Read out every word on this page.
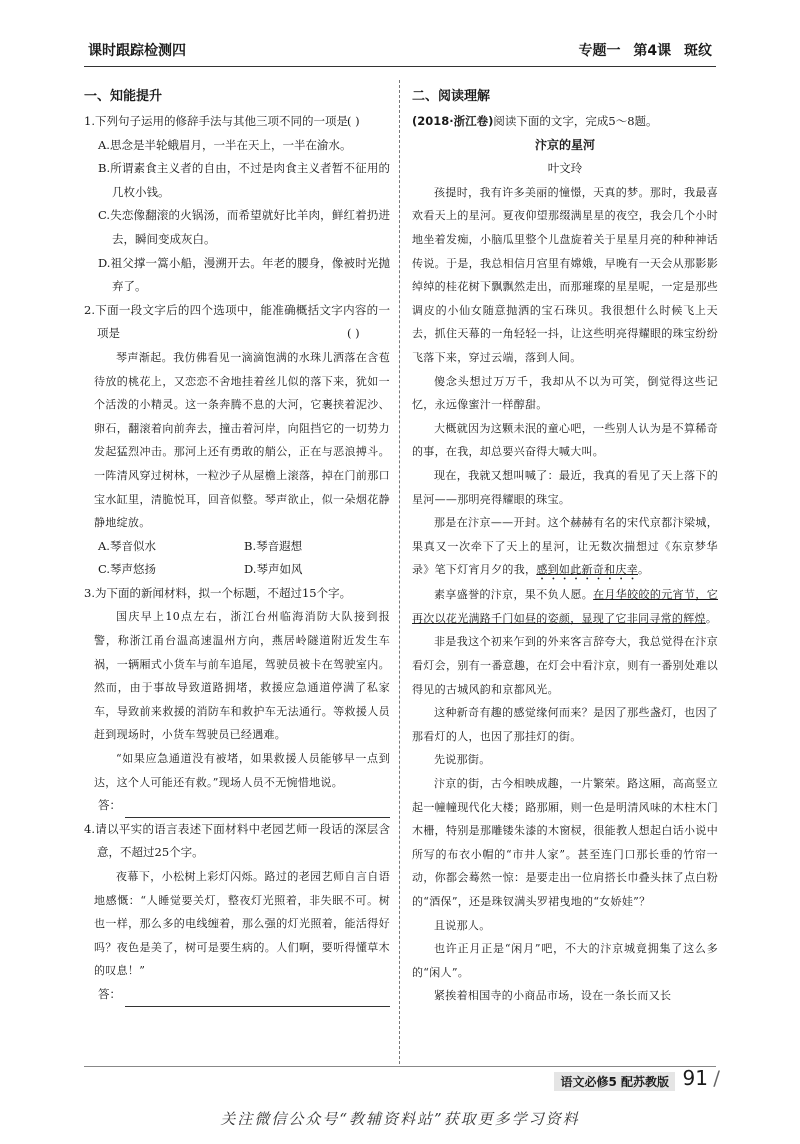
课时跟踪检测四	专题一 第4课 斑纹
一、知能提升
1.下列句子运用的修辞手法与其他三项不同的一项是 ( )
A.思念是半轮蛾眉月，一半在天上，一半在渝水。
B.所谓素食主义者的自由，不过是肉食主义者暂不征用的几枚小钱。
C.失恋像翻滚的火锅汤，而希望就好比羊肉，鲜红着扔进去，瞬间变成灰白。
D.祖父撑一篙小船，漫溯开去。年老的腰身，像被时光抛弃了。
2.下面一段文字后的四个选项中，能准确概括文字内容的一项是	( )
琴声渐起。我仿佛看见一滴滴饱满的水珠儿洒落在含苞待放的桃花上，又恋恋不舍地挂着丝儿似的落下来，犹如一个活泼的小精灵。这一条奔腾不息的大河，它裹挟着泥沙、卵石，翻滚着向前奔去，撞击着河岸，向阻挡它的一切势力发起猛烈冲击。那河上还有勇敢的艄公，正在与恶浪搏斗。一阵清风穿过树林，一粒沙子从屋檐上滚落，掉在门前那口宝水缸里，清脆悦耳，回音似整。琴声欲止，似一朵烟花静静地绽放。
A.琴音似水	B.琴音遐想
C.琴声悠扬	D.琴声如风
3.为下面的新闻材料，拟一个标题，不超过15个字。
国庆早上10点左右，浙江台州临海消防大队接到报警，称浙江甬台温高速温州方向，燕居岭隧道附近发生车祸，一辆厢式小货车与前车追尾，驾驶员被卡在驾驶室内。然而，由于事故导致道路拥堵，救援应急通道停满了私家车，导致前来救援的消防车和救护车无法通行。等救援人员赶到现场时，小货车驾驶员已经遇难。
“如果应急通道没有被堵，如果救援人员能够早一点到达，这个人可能还有救。”现场人员不无惋惜地说。
答：
4.请以平实的语言表述下面材料中老园艺师一段话的深层含意，不超过25个字。
夜幕下，小松树上彩灯闪烁。路过的老园艺师自言自语地感慨：“人睡觉要关灯，整夜灯光照着，非失眠不可。树也一样，那么多的电线缠着，那么强的灯光照着，能活得好吗？夜色是美了，树可是要生病的。人们啊，要听得懂草木的叹息！”
答：
二、阅读理解
(2018·浙江卷)阅读下面的文字，完成5～8题。
汴京的星河
叶文玲
孩提时，我有许多美丽的憧憬，天真的梦。那时，我最喜欢看天上的星河。夏夜仰望那缀满星星的夜空，我会几个小时地坐着发痴，小脑瓜里整个儿盘旋着关于星星月亮的种种神话传说。于是，我总相信月宫里有嫦娥，早晚有一天会从那影影绰绰的桂花树下飘飘然走出，而那璀璨的星星呢，一定是那些调皮的小仙女随意抛洒的宝石珠贝。我很想什么时候飞上天去，抓住天幕的一角轻轻一抖，让这些明亮得耀眼的珠宝纷纷飞落下来，穿过云端，落到人间。
傻念头想过万万千，我却从不以为可笑，倒觉得这些记忆，永远像蜜汁一样醇甜。
大概就因为这颗未泯的童心吧，一些别人认为是不算稀奇的事，在我，却总要兴奋得大喊大叫。
现在，我就又想叫喊了：最近，我真的看见了天上落下的星河——那明亮得耀眼的珠宝。
那是在汴京——开封。这个赫赫有名的宋代京都汴梁城，果真又一次牵下了天上的星河，让无数次揣想过《东京梦华录》笔下灯宵月夕的我，感到如此新奇和庆幸。
素享盛誉的汴京，果不负人愿。在月华皎皎的元宵节，它再次以花光满路千门如昼的姿颜，显现了它非同寻常的辉煌。
非是我这个初来乍到的外来客言辞夸大，我总觉得在汴京看灯会，别有一番意趣，在灯会中看汴京，则有一番别处难以得见的古城风韵和京都风光。
这种新奇有趣的感觉缘何而来？是因了那些盏灯，也因了那看灯的人，也因了那挂灯的街。
先说那街。
汴京的街，古今相映成趣，一片繁荣。路这厢，高高竖立起一幢幢现代化大楼；路那厢，则一色是明清风味的木柱木门木栅，特别是那雕镂朱漆的木窗棂，很能教人想起白话小说中所写的布衣小帽的“市井人家”。甚至连门口那长垂的竹帘一动，你都会蓦然一惊：是要走出一位肩搭长巾叠头抹了点白粉的“酒保”，还是珠钗满头罗裙曳地的“女娇娃”？
且说那人。
也许正月正是“闲月”吧，不大的汴京城竟拥集了这么多的“闲人”。
紧挨着相国寺的小商品市场，设在一条长而又长
语文必修5 配苏教版 91 /
关注微信公众号“教辅资料站”获取更多学习资料
